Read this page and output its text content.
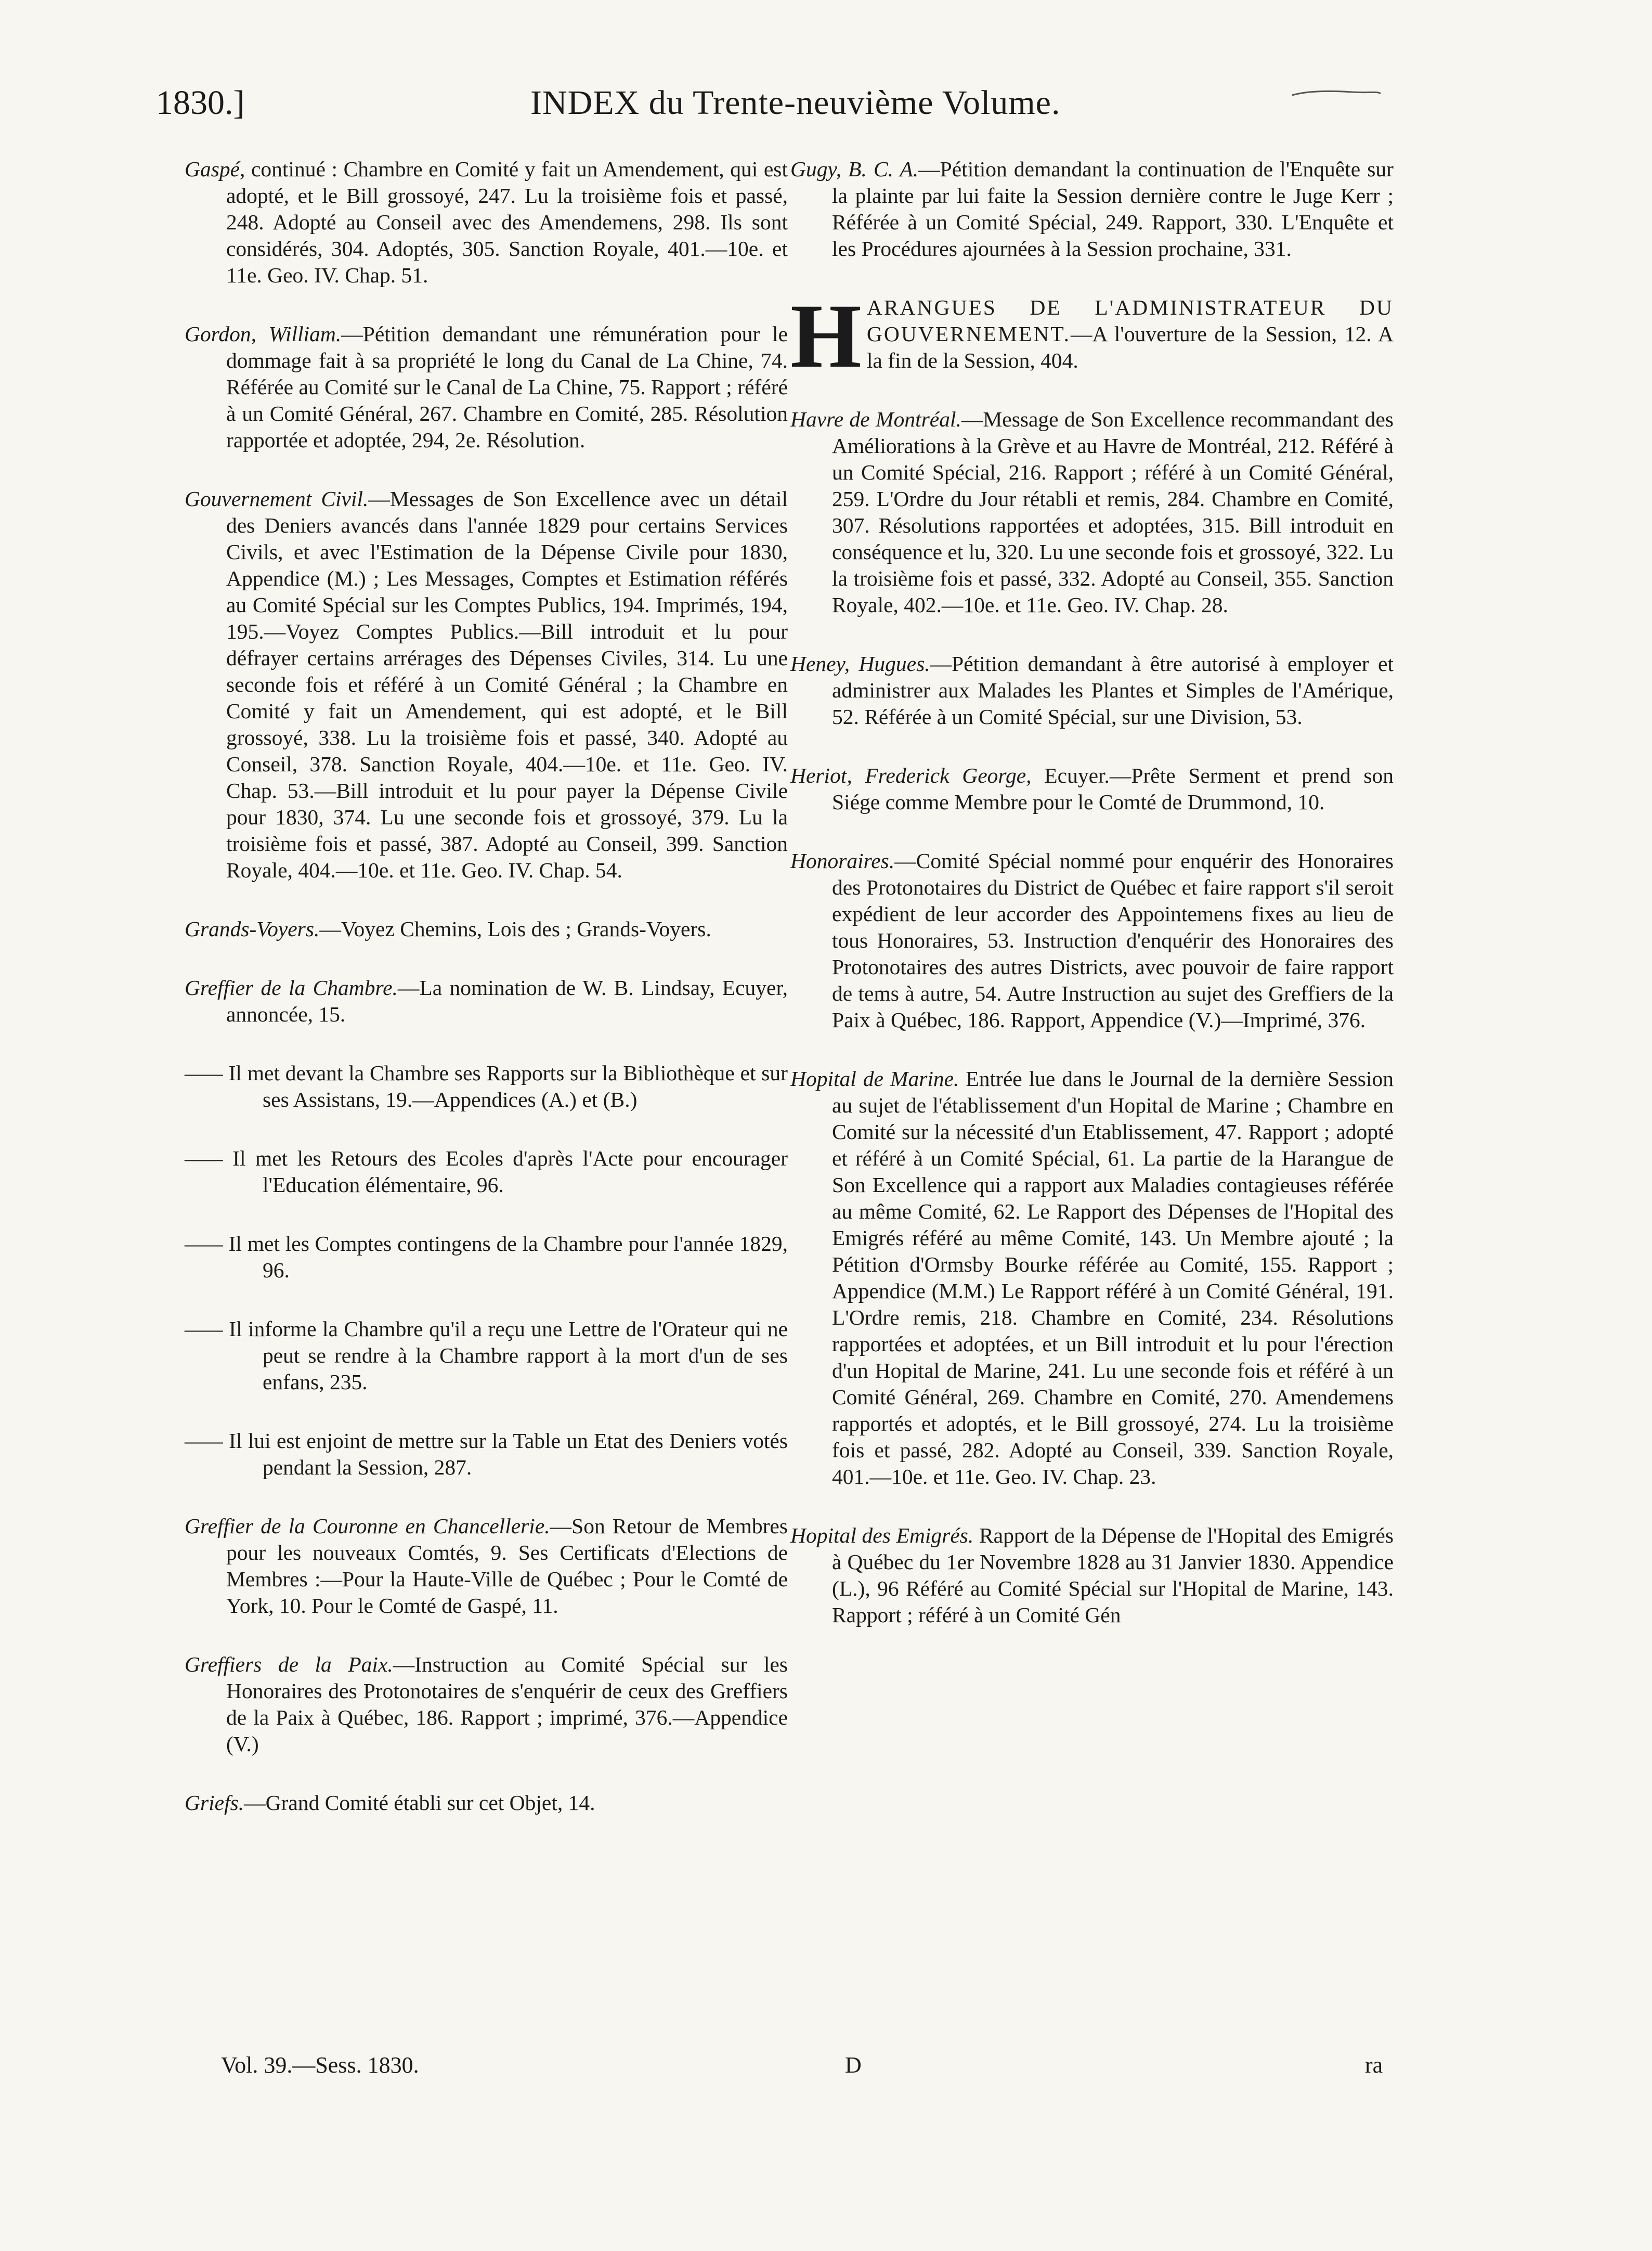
1830.]	INDEX du Trente-neuvième Volume.

Gaspé, continué : Chambre en Comité y fait un Amendement, qui est adopté, et le Bill grossoyé, 247. Lu la troisième fois et passé, 248. Adopté au Conseil avec des Amendemens, 298. Ils sont considérés, 304. Adoptés, 305. Sanction Royale, 401.—10e. et 11e. Geo. IV. Chap. 51.

Gordon, William.—Pétition demandant une rémunération pour le dommage fait à sa propriété le long du Canal de La Chine, 74. Référée au Comité sur le Canal de La Chine, 75. Rapport ; référé à un Comité Général, 267. Chambre en Comité, 285. Résolution rapportée et adoptée, 294, 2e. Résolution.

Gouvernement Civil.—Messages de Son Excellence avec un détail des Deniers avancés dans l'année 1829 pour certains Services Civils, et avec l'Estimation de la Dépense Civile pour 1830, Appendice (M.) ; Les Messages, Comptes et Estimation référés au Comité Spécial sur les Comptes Publics, 194. Imprimés, 194, 195.—Voyez Comptes Publics.—Bill introduit et lu pour défrayer certains arrérages des Dépenses Civiles, 314. Lu une seconde fois et référé à un Comité Général ; la Chambre en Comité y fait un Amendement, qui est adopté, et le Bill grossoyé, 338. Lu la troisième fois et passé, 340. Adopté au Conseil, 378. Sanction Royale, 404.—10e. et 11e. Geo. IV. Chap. 53.—Bill introduit et lu pour payer la Dépense Civile pour 1830, 374. Lu une seconde fois et grossoyé, 379. Lu la troisième fois et passé, 387. Adopté au Conseil, 399. Sanction Royale, 404.—10e. et 11e. Geo. IV. Chap. 54.

Grands-Voyers.—Voyez Chemins, Lois des ; Grands-Voyers.

Greffier de la Chambre.—La nomination de W. B. Lindsay, Ecuyer, annoncée, 15.

—— Il met devant la Chambre ses Rapports sur la Bibliothèque et sur ses Assistans, 19.—Appendices (A.) et (B.)

—— Il met les Retours des Ecoles d'après l'Acte pour encourager l'Education élémentaire, 96.

—— Il met les Comptes contingens de la Chambre pour l'année 1829, 96.

—— Il informe la Chambre qu'il a reçu une Lettre de l'Orateur qui ne peut se rendre à la Chambre rapport à la mort d'un de ses enfans, 235.

—— Il lui est enjoint de mettre sur la Table un Etat des Deniers votés pendant la Session, 287.

Greffier de la Couronne en Chancellerie.—Son Retour de Membres pour les nouveaux Comtés, 9. Ses Certificats d'Elections de Membres :—Pour la Haute-Ville de Québec ; Pour le Comté de York, 10. Pour le Comté de Gaspé, 11.

Greffiers de la Paix.—Instruction au Comité Spécial sur les Honoraires des Protonotaires de s'enquérir de ceux des Greffiers de la Paix à Québec, 186. Rapport ; imprimé, 376.—Appendice (V.)

Griefs.—Grand Comité établi sur cet Objet, 14.

Gugy, B. C. A.—Pétition demandant la continuation de l'Enquête sur la plainte par lui faite la Session dernière contre le Juge Kerr ; Référée à un Comité Spécial, 249. Rapport, 330. L'Enquête et les Procédures ajournées à la Session prochaine, 331.

H ARANGUES DE L'ADMINISTRATEUR DU GOUVERNEMENT.—A l'ouverture de la Session, 12. A la fin de la Session, 404.

Havre de Montréal.—Message de Son Excellence recommandant des Améliorations à la Grève et au Havre de Montréal, 212. Référé à un Comité Spécial, 216. Rapport ; référé à un Comité Général, 259. L'Ordre du Jour rétabli et remis, 284. Chambre en Comité, 307. Résolutions rapportées et adoptées, 315. Bill introduit en conséquence et lu, 320. Lu une seconde fois et grossoyé, 322. Lu la troisième fois et passé, 332. Adopté au Conseil, 355. Sanction Royale, 402.—10e. et 11e. Geo. IV. Chap. 28.

Heney, Hugues.—Pétition demandant à être autorisé à employer et administrer aux Malades les Plantes et Simples de l'Amérique, 52. Référée à un Comité Spécial, sur une Division, 53.

Heriot, Frederick George, Ecuyer.—Prête Serment et prend son Siége comme Membre pour le Comté de Drummond, 10.

Honoraires.—Comité Spécial nommé pour enquérir des Honoraires des Protonotaires du District de Québec et faire rapport s'il seroit expédient de leur accorder des Appointemens fixes au lieu de tous Honoraires, 53. Instruction d'enquérir des Honoraires des Protonotaires des autres Districts, avec pouvoir de faire rapport de tems à autre, 54. Autre Instruction au sujet des Greffiers de la Paix à Québec, 186. Rapport, Appendice (V.)—Imprimé, 376.

Hopital de Marine. Entrée lue dans le Journal de la dernière Session au sujet de l'établissement d'un Hopital de Marine ; Chambre en Comité sur la nécessité d'un Etablissement, 47. Rapport ; adopté et référé à un Comité Spécial, 61. La partie de la Harangue de Son Excellence qui a rapport aux Maladies contagieuses référée au même Comité, 62. Le Rapport des Dépenses de l'Hopital des Emigrés référé au même Comité, 143. Un Membre ajouté ; la Pétition d'Ormsby Bourke référée au Comité, 155. Rapport ; Appendice (M.M.) Le Rapport référé à un Comité Général, 191. L'Ordre remis, 218. Chambre en Comité, 234. Résolutions rapportées et adoptées, et un Bill introduit et lu pour l'érection d'un Hopital de Marine, 241. Lu une seconde fois et référé à un Comité Général, 269. Chambre en Comité, 270. Amendemens rapportés et adoptés, et le Bill grossoyé, 274. Lu la troisième fois et passé, 282. Adopté au Conseil, 339. Sanction Royale, 401.—10e. et 11e. Geo. IV. Chap. 23.

Hopital des Emigrés. Rapport de la Dépense de l'Hopital des Emigrés à Québec du 1er Novembre 1828 au 31 Janvier 1830. Appendice (L.), 96 Référé au Comité Spécial sur l'Hopital de Marine, 143. Rapport ; référé à un Comité Gén

Vol. 39.—Sess. 1830.	D	ra
